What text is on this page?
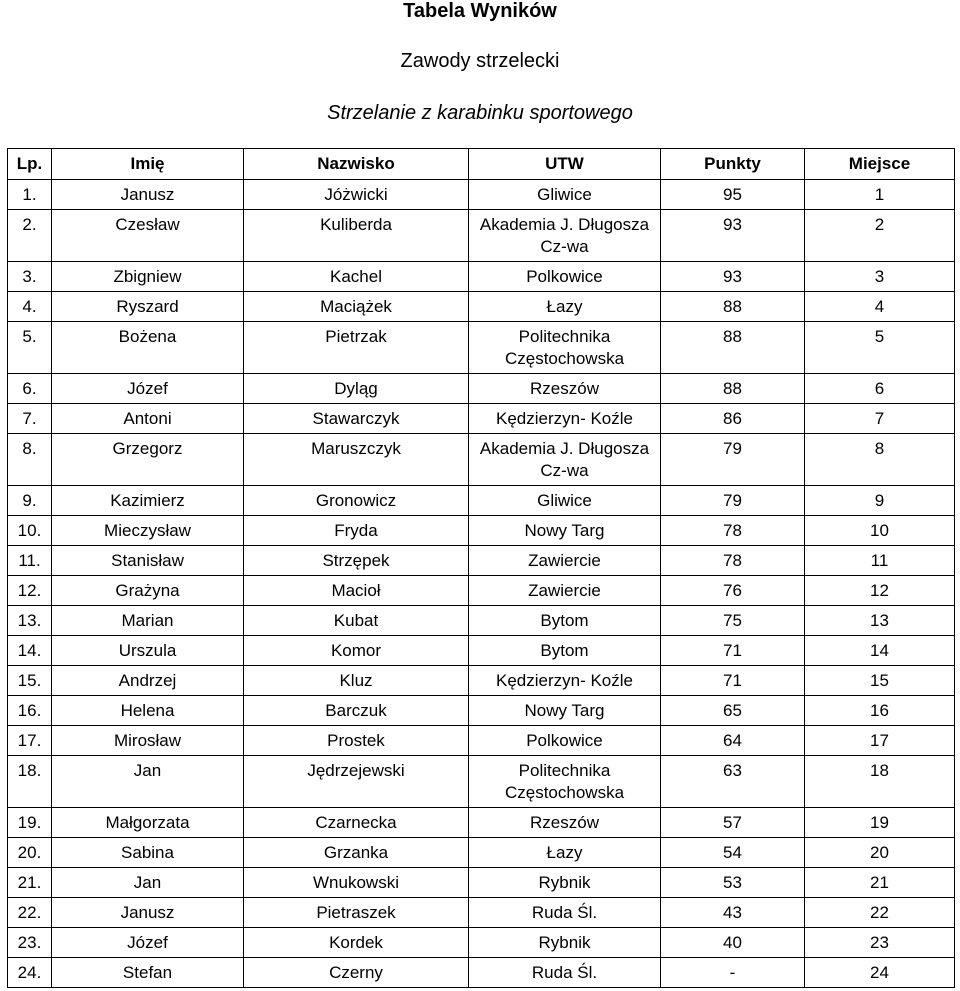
Tabela Wyników
Zawody strzelecki
Strzelanie z karabinku sportowego
Lp.	Imię	Nazwisko	UTW	Punkty	Miejsce
1.	Janusz	Jóżwicki	Gliwice	95	1
2.	Czesław	Kuliberda	Akademia J. Długosza Cz-wa	93	2
3.	Zbigniew	Kachel	Polkowice	93	3
4.	Ryszard	Maciążek	Łazy	88	4
5.	Bożena	Pietrzak	Politechnika Częstochowska	88	5
6.	Józef	Dyląg	Rzeszów	88	6
7.	Antoni	Stawarczyk	Kędzierzyn- Koźle	86	7
8.	Grzegorz	Maruszczyk	Akademia J. Długosza Cz-wa	79	8
9.	Kazimierz	Gronowicz	Gliwice	79	9
10.	Mieczysław	Fryda	Nowy Targ	78	10
11.	Stanisław	Strzępek	Zawiercie	78	11
12.	Grażyna	Macioł	Zawiercie	76	12
13.	Marian	Kubat	Bytom	75	13
14.	Urszula	Komor	Bytom	71	14
15.	Andrzej	Kluz	Kędzierzyn- Koźle	71	15
16.	Helena	Barczuk	Nowy Targ	65	16
17.	Mirosław	Prostek	Polkowice	64	17
18.	Jan	Jędrzejewski	Politechnika Częstochowska	63	18
19.	Małgorzata	Czarnecka	Rzeszów	57	19
20.	Sabina	Grzanka	Łazy	54	20
21.	Jan	Wnukowski	Rybnik	53	21
22.	Janusz	Pietraszek	Ruda Śl.	43	22
23.	Józef	Kordek	Rybnik	40	23
24.	Stefan	Czerny	Ruda Śl.	-	24
